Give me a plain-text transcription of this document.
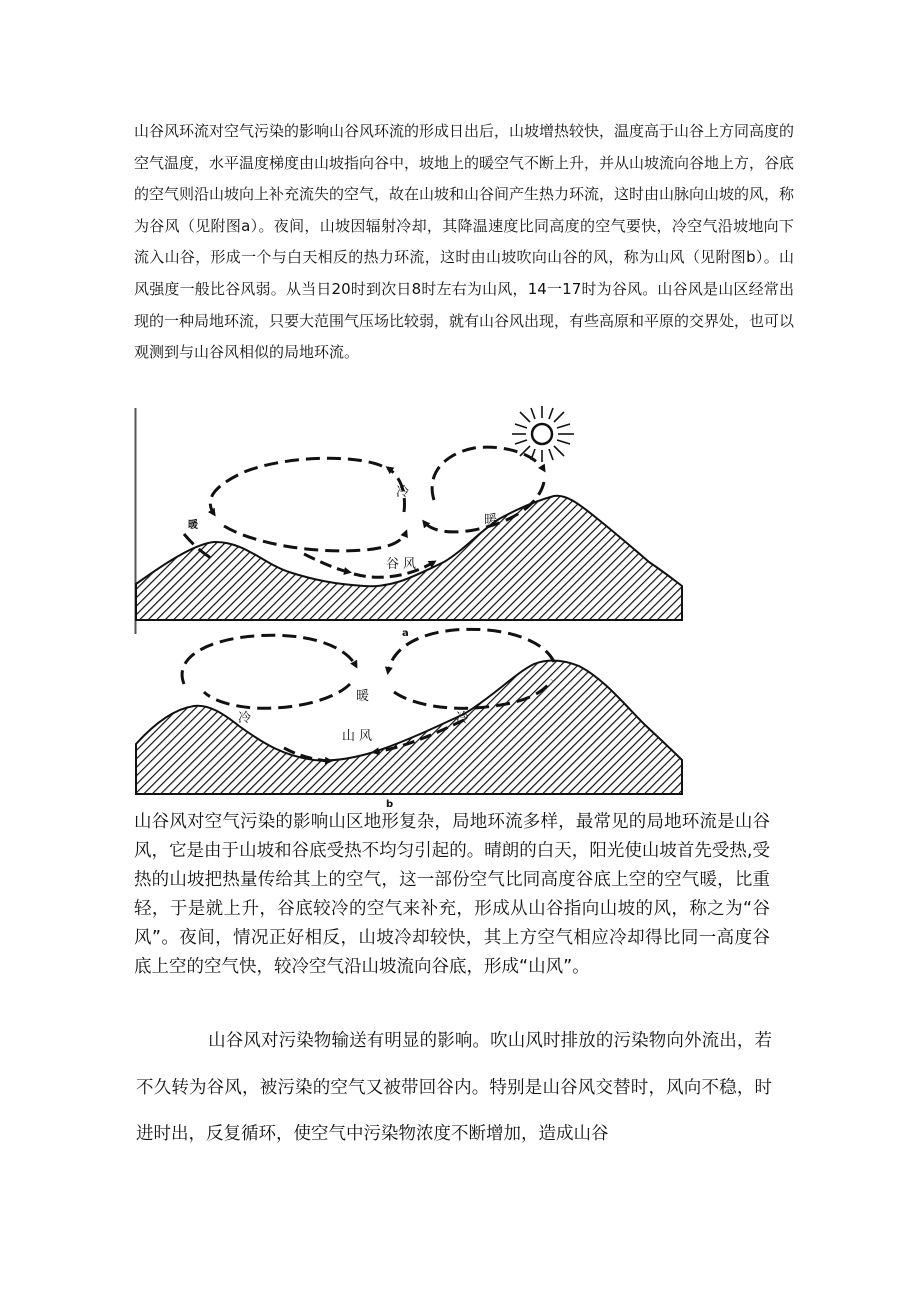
山谷风环流对空气污染的影响山谷风环流的形成日出后，山坡增热较快，温度高于山谷上方同高度的空气温度，水平温度梯度由山坡指向谷中，坡地上的暖空气不断上升，并从山坡流向谷地上方，谷底的空气则沿山坡向上补充流失的空气，故在山坡和山谷间产生热力环流，这时由山脉向山坡的风，称为谷风（见附图a）。夜间，山坡因辐射冷却，其降温速度比同高度的空气要快，冷空气沿坡地向下流入山谷，形成一个与白天相反的热力环流，这时由山坡吹向山谷的风，称为山风（见附图b）。山风强度一般比谷风弱。从当日20时到次日8时左右为山风，14一17时为谷风。山谷风是山区经常出现的一种局地环流，只要大范围气压场比较弱，就有山谷风出现，有些高原和平原的交界处，也可以观测到与山谷风相似的局地环流。
冷
暖	暖
谷风
a
暖
冷	冷
山风
b
山谷风对空气污染的影响山区地形复杂，局地环流多样，最常见的局地环流是山谷风，它是由于山坡和谷底受热不均匀引起的。晴朗的白天，阳光使山坡首先受热,受热的山坡把热量传给其上的空气，这一部份空气比同高度谷底上空的空气暖，比重轻，于是就上升，谷底较冷的空气来补充，形成从山谷指向山坡的风，称之为“谷风”。夜间，情况正好相反，山坡冷却较快，其上方空气相应冷却得比同一高度谷底上空的空气快，较冷空气沿山坡流向谷底，形成“山风”。
山谷风对污染物输送有明显的影响。吹山风时排放的污染物向外流出，若不久转为谷风，被污染的空气又被带回谷内。特别是山谷风交替时，风向不稳，时进时出，反复循环，使空气中污染物浓度不断增加，造成山谷
